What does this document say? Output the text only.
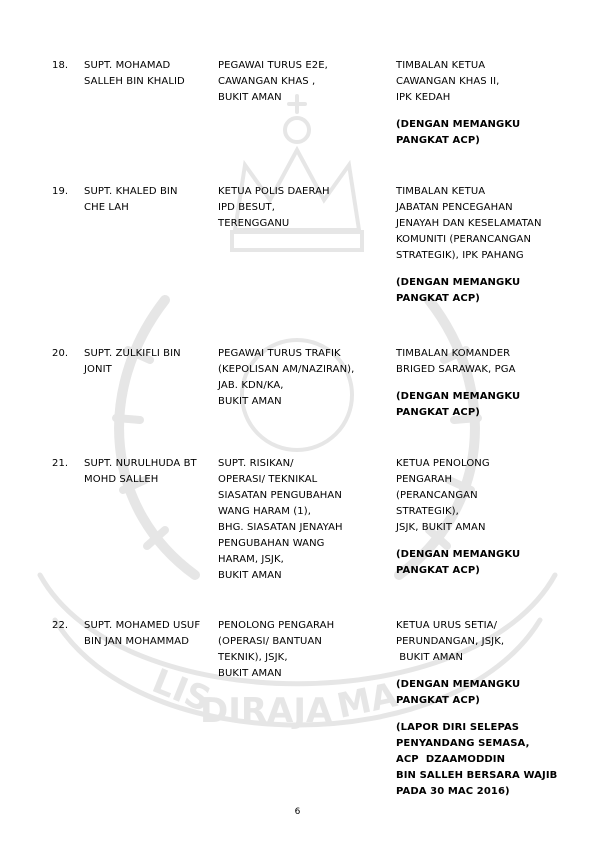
LIS
DIRAJA MA
18. SUPT. MOHAMAD
SALLEH BIN KHALID
PEGAWAI TURUS E2E,
CAWANGAN KHAS ,
BUKIT AMAN
TIMBALAN KETUA
CAWANGAN KHAS II,
IPK KEDAH
(DENGAN MEMANGKU
PANGKAT ACP)
19. SUPT. KHALED BIN
CHE LAH
KETUA POLIS DAERAH
IPD BESUT,
TERENGGANU
TIMBALAN KETUA
JABATAN PENCEGAHAN
JENAYAH DAN KESELAMATAN
KOMUNITI (PERANCANGAN
STRATEGIK), IPK PAHANG
(DENGAN MEMANGKU
PANGKAT ACP)
20. SUPT. ZULKIFLI BIN
JONIT
PEGAWAI TURUS TRAFIK
(KEPOLISAN AM/NAZIRAN),
JAB. KDN/KA,
BUKIT AMAN
TIMBALAN KOMANDER
BRIGED SARAWAK, PGA
(DENGAN MEMANGKU
PANGKAT ACP)
21. SUPT. NURULHUDA BT
MOHD SALLEH
SUPT. RISIKAN/
OPERASI/ TEKNIKAL
SIASATAN PENGUBAHAN
WANG HARAM (1),
BHG. SIASATAN JENAYAH
PENGUBAHAN WANG
HARAM, JSJK,
BUKIT AMAN
KETUA PENOLONG
PENGARAH
(PERANCANGAN
STRATEGIK),
JSJK, BUKIT AMAN
(DENGAN MEMANGKU
PANGKAT ACP)
22. SUPT. MOHAMED USUF
BIN JAN MOHAMMAD
PENOLONG PENGARAH
(OPERASI/ BANTUAN
TEKNIK), JSJK,
BUKIT AMAN
KETUA URUS SETIA/
PERUNDANGAN, JSJK,
BUKIT AMAN
(DENGAN MEMANGKU
PANGKAT ACP)
(LAPOR DIRI SELEPAS
PENYANDANG SEMASA,
ACP  DZAAMODDIN
BIN SALLEH BERSARA WAJIB
PADA 30 MAC 2016)
6
